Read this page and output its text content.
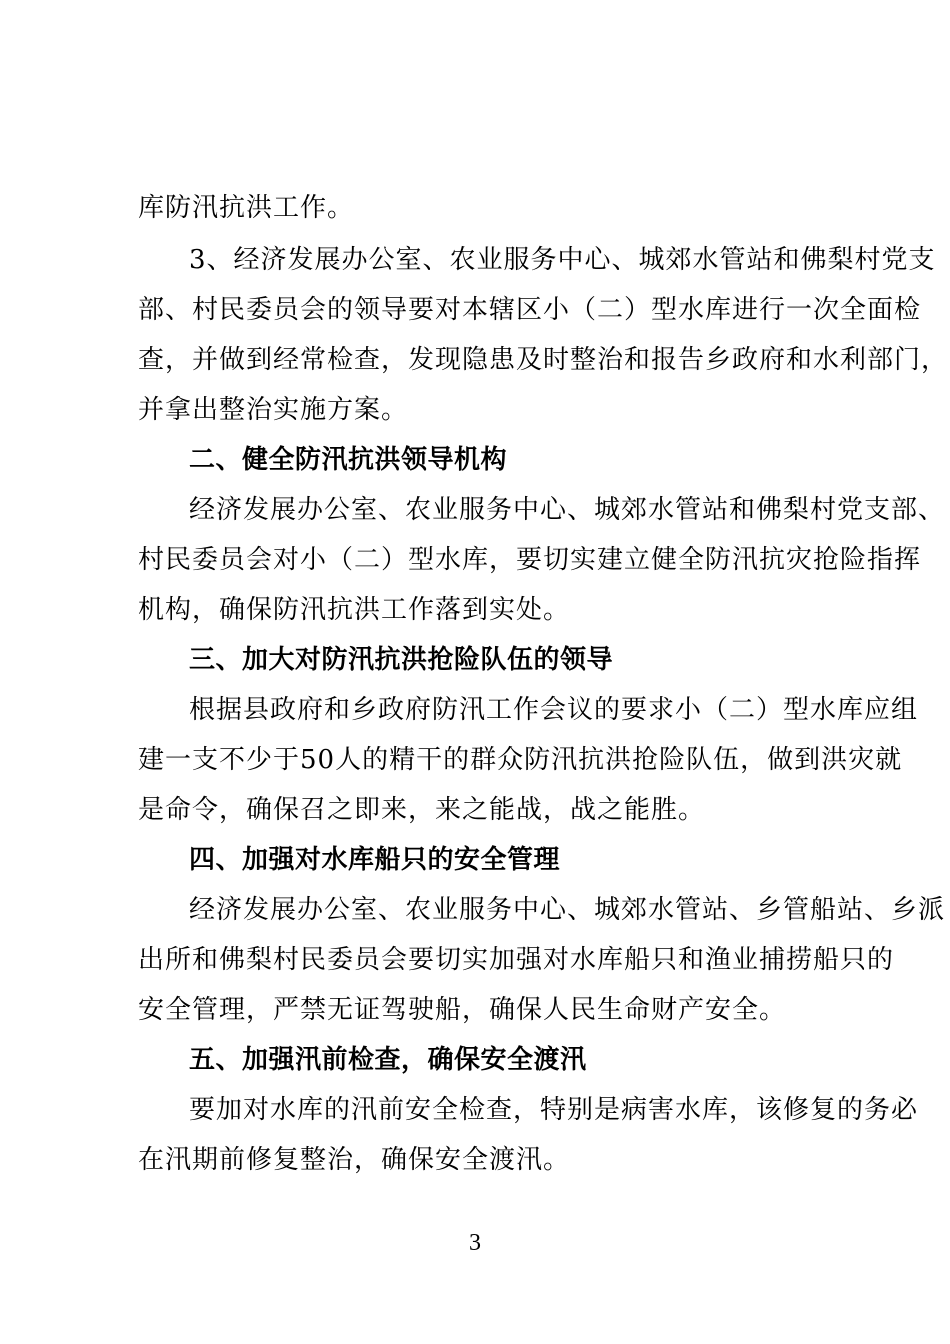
库防汛抗洪工作。
3、经济发展办公室、农业服务中心、城郊水管站和佛梨村党支
部、村民委员会的领导要对本辖区小（二）型水库进行一次全面检
查，并做到经常检查，发现隐患及时整治和报告乡政府和水利部门，
并拿出整治实施方案。
二、健全防汛抗洪领导机构
经济发展办公室、农业服务中心、城郊水管站和佛梨村党支部、
村民委员会对小（二）型水库，要切实建立健全防汛抗灾抢险指挥
机构，确保防汛抗洪工作落到实处。
三、加大对防汛抗洪抢险队伍的领导
根据县政府和乡政府防汛工作会议的要求小（二）型水库应组
建一支不少于50人的精干的群众防汛抗洪抢险队伍，做到洪灾就
是命令，确保召之即来，来之能战，战之能胜。
四、加强对水库船只的安全管理
经济发展办公室、农业服务中心、城郊水管站、乡管船站、乡派
出所和佛梨村民委员会要切实加强对水库船只和渔业捕捞船只的
安全管理，严禁无证驾驶船，确保人民生命财产安全。
五、加强汛前检查，确保安全渡汛
要加对水库的汛前安全检查，特别是病害水库，该修复的务必
在汛期前修复整治，确保安全渡汛。
3
